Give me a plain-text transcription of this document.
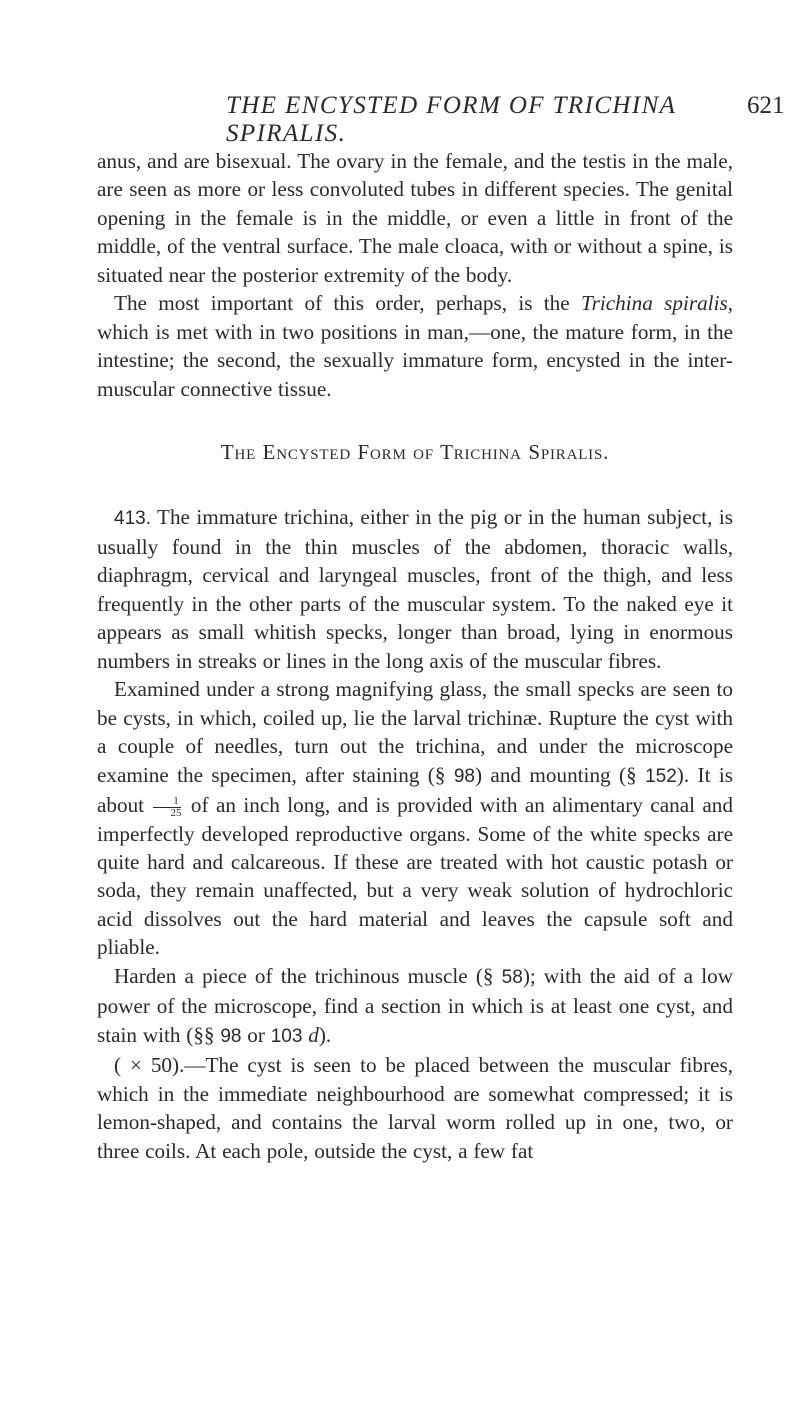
THE ENCYSTED FORM OF TRICHINA SPIRALIS.
621

anus, and are bisexual. The ovary in the female, and the testis in the male, are seen as more or less convoluted tubes in different species. The genital opening in the female is in the middle, or even a little in front of the middle, of the ventral surface. The male cloaca, with or without a spine, is situated near the posterior extremity of the body.

The most important of this order, perhaps, is the Trichina spiralis, which is met with in two positions in man,—one, the mature form, in the intestine; the second, the sexually immature form, encysted in the inter-muscular connective tissue.

The Encysted Form of Trichina Spiralis.

413. The immature trichina, either in the pig or in the human subject, is usually found in the thin muscles of the abdomen, thoracic walls, diaphragm, cervical and laryngeal muscles, front of the thigh, and less frequently in the other parts of the muscular system. To the naked eye it appears as small whitish specks, longer than broad, lying in enormous numbers in streaks or lines in the long axis of the muscular fibres.

Examined under a strong magnifying glass, the small specks are seen to be cysts, in which, coiled up, lie the larval trichinæ. Rupture the cyst with a couple of needles, turn out the trichina, and under the microscope examine the specimen, after staining (§ 98) and mounting (§ 152). It is about $\frac{1}{25}$ of an inch long, and is provided with an alimentary canal and imperfectly developed reproductive organs. Some of the white specks are quite hard and calcareous. If these are treated with hot caustic potash or soda, they remain unaffected, but a very weak solution of hydrochloric acid dissolves out the hard material and leaves the capsule soft and pliable.

Harden a piece of the trichinous muscle (§ 58); with the aid of a low power of the microscope, find a section in which is at least one cyst, and stain with (§§ 98 or 103 d).

( × 50).—The cyst is seen to be placed between the muscular fibres, which in the immediate neighbourhood are somewhat compressed; it is lemon-shaped, and contains the larval worm rolled up in one, two, or three coils. At each pole, outside the cyst, a few fat
